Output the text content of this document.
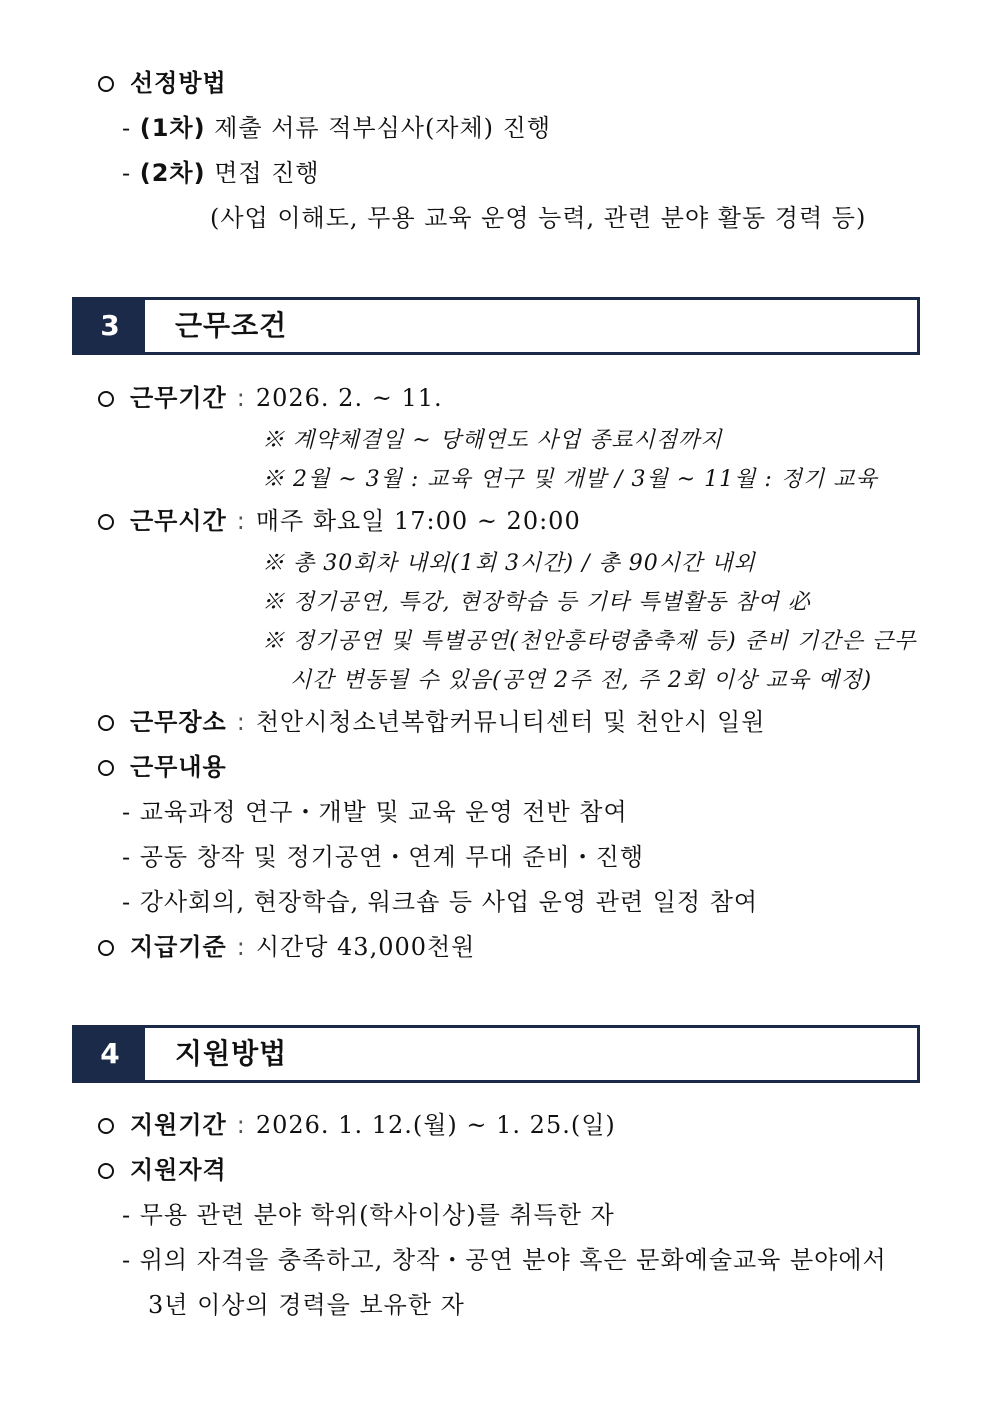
선정방법
- (1차) 제출 서류 적부심사(자체) 진행
- (2차) 면접 진행
(사업 이해도, 무용 교육 운영 능력, 관련 분야 활동 경력 등)
3	근무조건
근무기간 : 2026. 2. ~ 11.
※ 계약체결일 ~ 당해연도 사업 종료시점까지
※ 2월 ~ 3월 : 교육 연구 및 개발 / 3월 ~ 11월 : 정기 교육
근무시간 : 매주 화요일 17:00 ~ 20:00
※ 총 30회차 내외(1회 3시간) / 총 90시간 내외
※ 정기공연, 특강, 현장학습 등 기타 특별활동 참여 必
※ 정기공연 및 특별공연(천안흥타령춤축제 등) 준비 기간은 근무
시간 변동될 수 있음(공연 2주 전, 주 2회 이상 교육 예정)
근무장소 : 천안시청소년복합커뮤니티센터 및 천안시 일원
근무내용
- 교육과정 연구・개발 및 교육 운영 전반 참여
- 공동 창작 및 정기공연・연계 무대 준비・진행
- 강사회의, 현장학습, 워크숍 등 사업 운영 관련 일정 참여
지급기준 : 시간당 43,000천원
4	지원방법
지원기간 : 2026. 1. 12.(월) ~ 1. 25.(일)
지원자격
- 무용 관련 분야 학위(학사이상)를 취득한 자
- 위의 자격을 충족하고, 창작・공연 분야 혹은 문화예술교육 분야에서
3년 이상의 경력을 보유한 자
